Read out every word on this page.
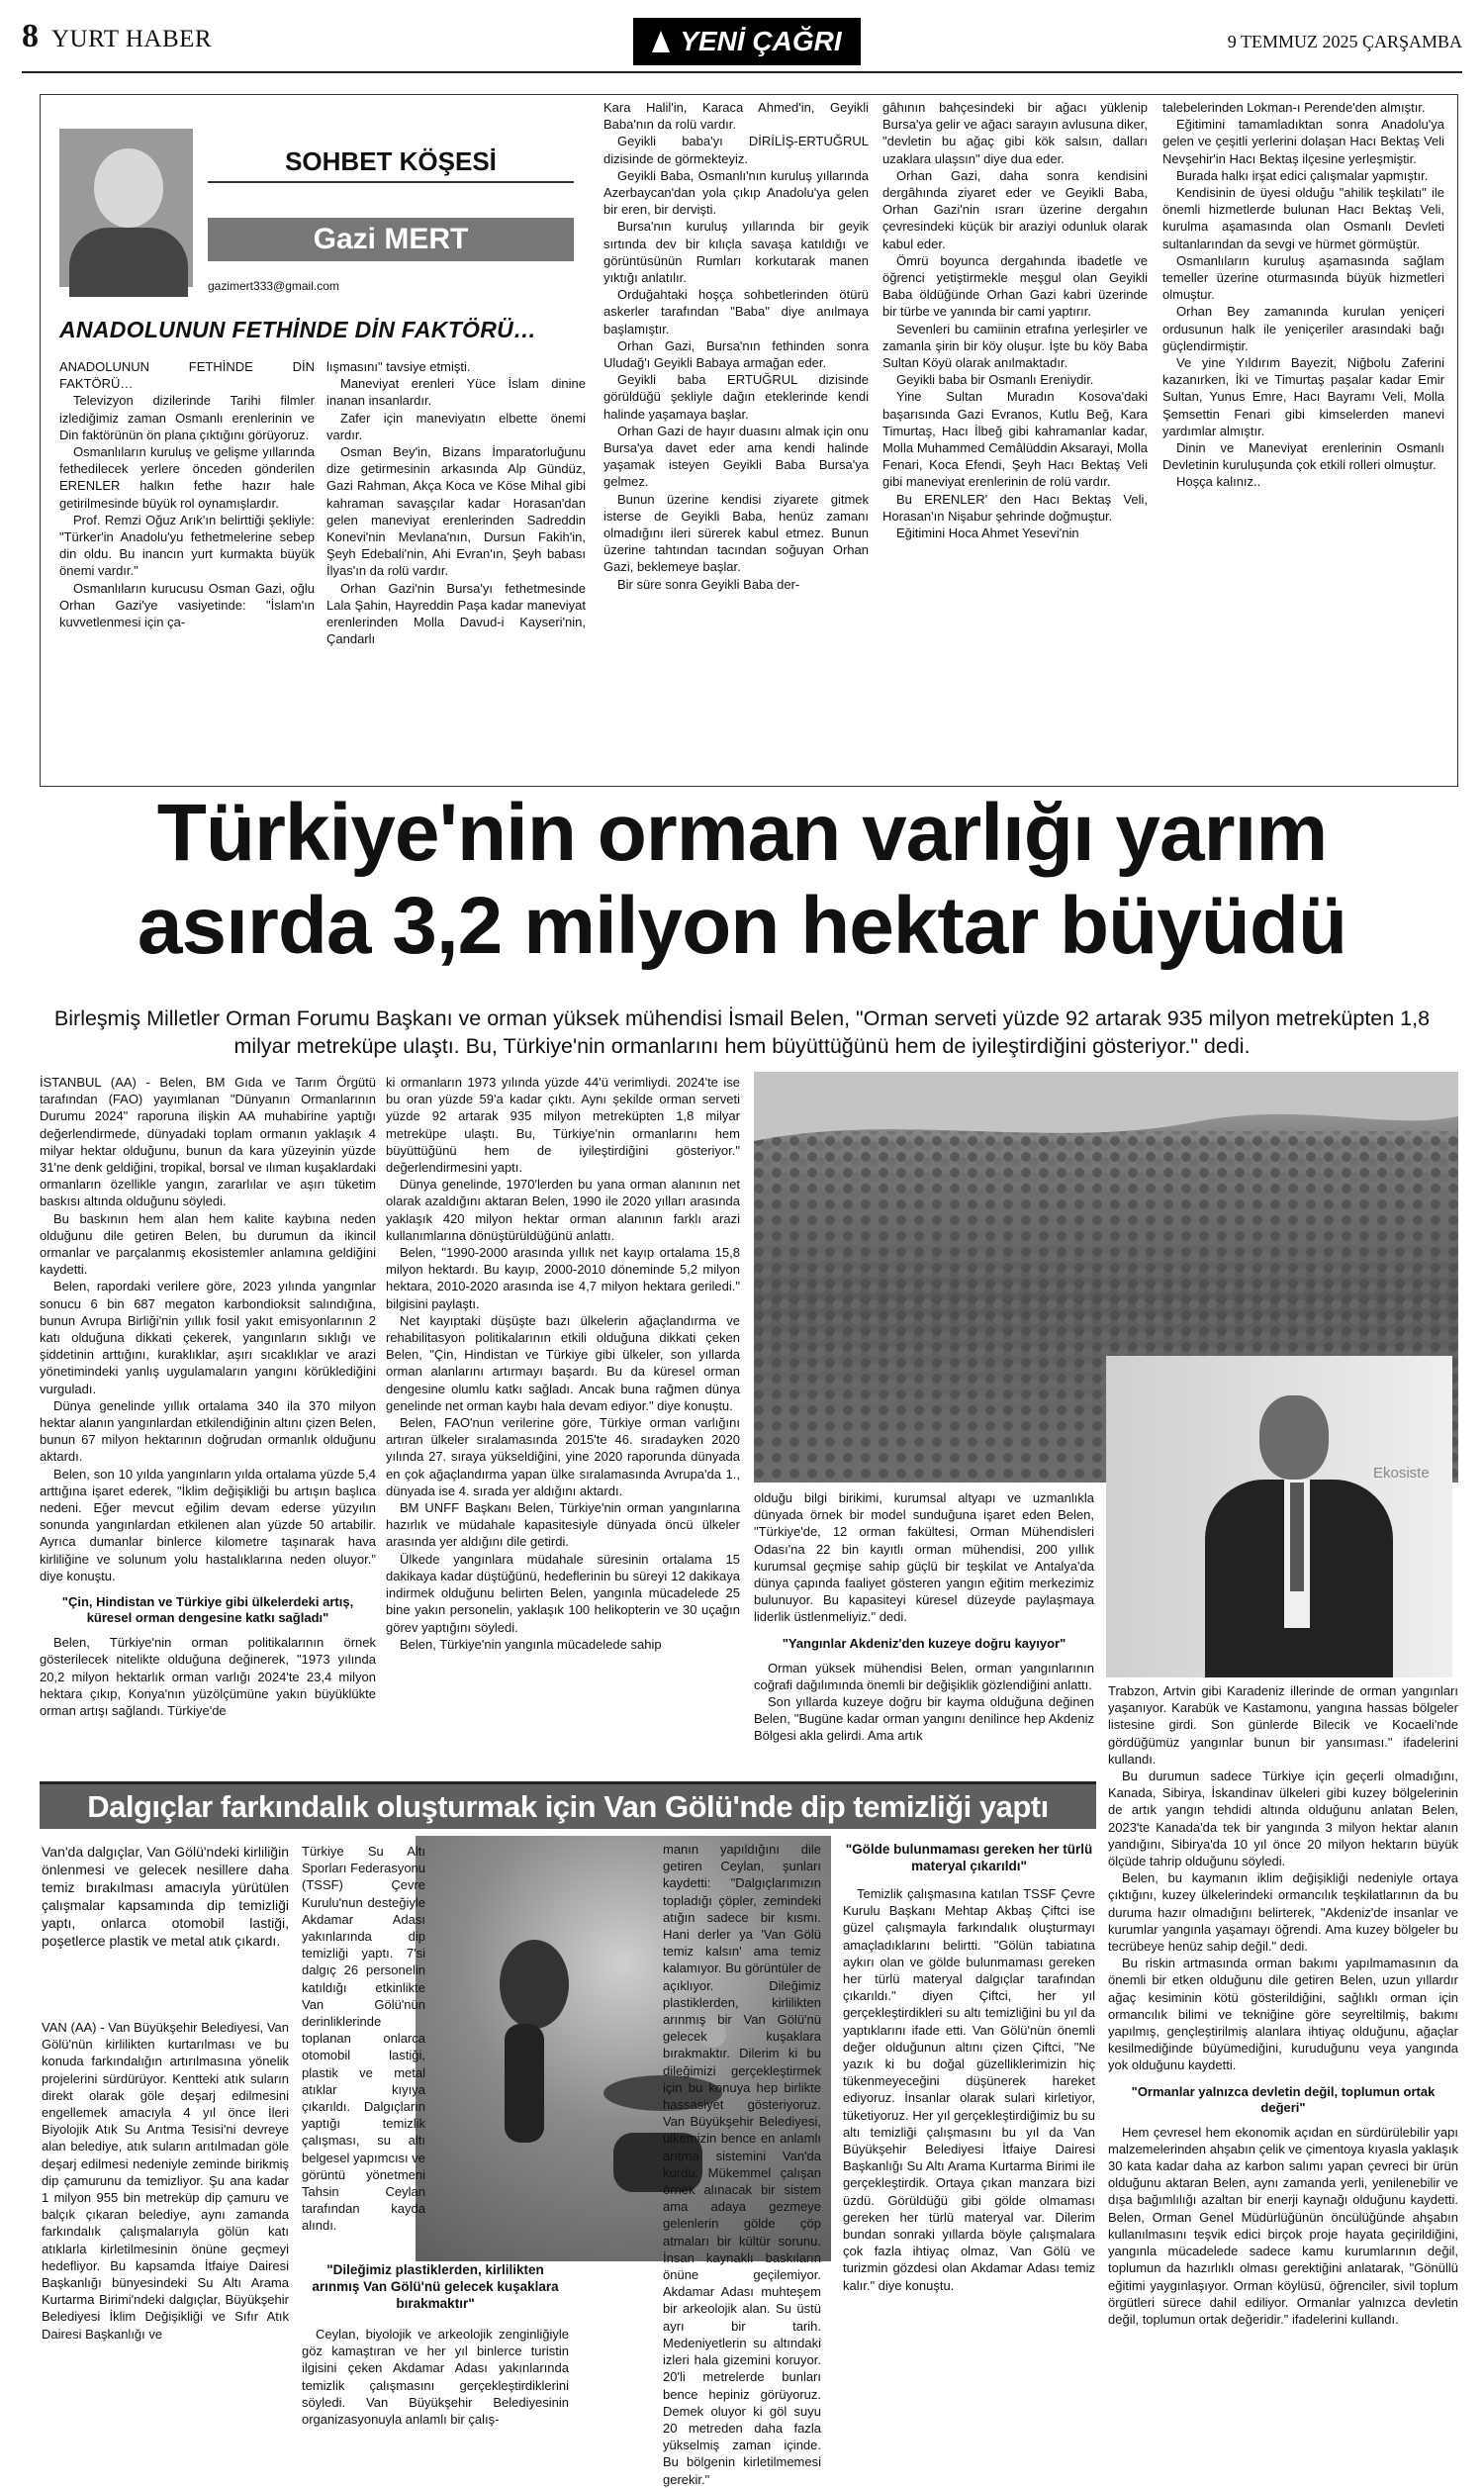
8 YURT HABER	YENİ ÇAĞRI	9 TEMMUZ 2025 ÇARŞAMBA
SOHBET KÖŞESİ
Gazi MERT
gazimert333@gmail.com
ANADOLUNUN FETHİNDE DİN FAKTÖRÜ…

ANADOLUNUN FETHİNDE DİN FAKTÖRÜ…

Televizyon dizilerinde Tarihi filmler izlediğimiz zaman Osmanlı erenlerinin ve Din faktörünün ön plana çıktığını görüyoruz.

Osmanlıların kuruluş ve gelişme yıllarında fethedilecek yerlere önceden gönderilen ERENLER halkın fethe hazır hale getirilmesinde büyük rol oynamışlardır.

Prof. Remzi Oğuz Arık'ın belirttiği şekliyle: "Türker'in Anadolu'yu fethetmelerine sebep din oldu. Bu inancın yurt kurmakta büyük önemi vardır."

Osmanlıların kurucusu Osman Gazi, oğlu Orhan Gazi'ye vasiyetinde: "İslam'ın kuvvetlenmesi için ça-

lışmasını" tavsiye etmişti.

Maneviyat erenleri Yüce İslam dinine inanan insanlardır.

Zafer için maneviyatın elbette önemi vardır.

Osman Bey'in, Bizans İmparatorluğunu dize getirmesinin arkasında Alp Gündüz, Gazi Rahman, Akça Koca ve Köse Mihal gibi kahraman savaşçılar kadar Horasan'dan gelen maneviyat erenlerinden Sadreddin Konevi'nin Mevlana'nın, Dursun Fakih'in, Şeyh Edebali'nin, Ahi Evran'ın, Şeyh babası İlyas'ın da rolü vardır.

Orhan Gazi'nin Bursa'yı fethetmesinde Lala Şahin, Hayreddin Paşa kadar maneviyat erenlerinden Molla Davud-i Kayseri'nin, Çandarlı

Kara Halil'in, Karaca Ahmed'in, Geyikli Baba'nın da rolü vardır.

Geyikli baba'yı DİRİLİŞ-ERTUĞRUL dizisinde de görmekteyiz.

Geyikli Baba, Osmanlı'nın kuruluş yıllarında Azerbaycan'dan yola çıkıp Anadolu'ya gelen bir eren, bir dervişti.

Bursa'nın kuruluş yıllarında bir geyik sırtında dev bir kılıçla savaşa katıldığı ve görüntüsünün Rumları korkutarak manen yıktığı anlatılır.

Orduğahtaki hoşça sohbetlerinden ötürü askerler tarafından "Baba" diye anılmaya başlamıştır.

Orhan Gazi, Bursa'nın fethinden sonra Uludağ'ı Geyikli Babaya armağan eder.

Geyikli baba ERTUĞRUL dizisinde görüldüğü şekliyle dağın eteklerinde kendi halinde yaşamaya başlar.

Orhan Gazi de hayır duasını almak için onu Bursa'ya davet eder ama kendi halinde yaşamak isteyen Geyikli Baba Bursa'ya gelmez.

Bunun üzerine kendisi ziyarete gitmek isterse de Geyikli Baba, henüz zamanı olmadığını ileri sürerek kabul etmez. Bunun üzerine tahtından tacından soğuyan Orhan Gazi, beklemeye başlar.

Bir süre sonra Geyikli Baba der-

gâhının bahçesindeki bir ağacı yüklenip Bursa'ya gelir ve ağacı sarayın avlusuna diker, "devletin bu ağaç gibi kök salsın, dalları uzaklara ulaşsın" diye dua eder.

Orhan Gazi, daha sonra kendisini dergâhında ziyaret eder ve Geyikli Baba, Orhan Gazi'nin ısrarı üzerine dergahın çevresindeki küçük bir araziyi odunluk olarak kabul eder.

Ömrü boyunca dergahında ibadetle ve öğrenci yetiştirmekle meşgul olan Geyikli Baba öldüğünde Orhan Gazi kabri üzerinde bir türbe ve yanında bir cami yaptırır.

Sevenleri bu camiinin etrafına yerleşirler ve zamanla şirin bir köy oluşur. İşte bu köy Baba Sultan Köyü olarak anılmaktadır.

Geyikli baba bir Osmanlı Ereniydir.

Yine Sultan Muradın Kosova'daki başarısında Gazi Evranos, Kutlu Beğ, Kara Timurtaş, Hacı İlbeğ gibi kahramanlar kadar, Molla Muhammed Cemâlüddin Aksarayi, Molla Fenari, Koca Efendi, Şeyh Hacı Bektaş Veli gibi maneviyat erenlerinin de rolü vardır.

Bu ERENLER' den Hacı Bektaş Veli, Horasan'ın Nişabur şehrinde doğmuştur.

Eğitimini Hoca Ahmet Yesevi'nin

talebelerinden Lokman-ı Perende'den almıştır.

Eğitimini tamamladıktan sonra Anadolu'ya gelen ve çeşitli yerlerini dolaşan Hacı Bektaş Veli Nevşehir'in Hacı Bektaş ilçesine yerleşmiştir.

Burada halkı irşat edici çalışmalar yapmıştır.

Kendisinin de üyesi olduğu "ahilik teşkilatı" ile önemli hizmetlerde bulunan Hacı Bektaş Veli, kurulma aşamasında olan Osmanlı Devleti sultanlarından da sevgi ve hürmet görmüştür.

Osmanlıların kuruluş aşamasında sağlam temeller üzerine oturmasında büyük hizmetleri olmuştur.

Orhan Bey zamanında kurulan yeniçeri ordusunun halk ile yeniçeriler arasındaki bağı güçlendirmiştir.

Ve yine Yıldırım Bayezit, Niğbolu Zaferini kazanırken, İki ve Timurtaş paşalar kadar Emir Sultan, Yunus Emre, Hacı Bayramı Veli, Molla Şemsettin Fenari gibi kimselerden manevi yardımlar almıştır.

Dinin ve Maneviyat erenlerinin Osmanlı Devletinin kuruluşunda çok etkili rolleri olmuştur.

Hoşça kalınız..

Türkiye'nin orman varlığı yarım
asırda 3,2 milyon hektar büyüdü
Birleşmiş Milletler Orman Forumu Başkanı ve orman yüksek mühendisi İsmail Belen, "Orman serveti yüzde 92 artarak 935 milyon metreküpten 1,8 milyar metreküpe ulaştı. Bu, Türkiye'nin ormanlarını hem büyüttüğünü hem de iyileştirdiğini gösteriyor." dedi.

İSTANBUL (AA) - Belen, BM Gıda ve Tarım Örgütü tarafından (FAO) yayımlanan "Dünyanın Ormanlarının Durumu 2024" raporuna ilişkin AA muhabirine yaptığı değerlendirmede, dünyadaki toplam ormanın yaklaşık 4 milyar hektar olduğunu, bunun da kara yüzeyinin yüzde 31'ne denk geldiğini, tropikal, borsal ve ılıman kuşaklardaki ormanların özellikle yangın, zararlılar ve aşırı tüketim baskısı altında olduğunu söyledi.

Bu baskının hem alan hem kalite kaybına neden olduğunu dile getiren Belen, bu durumun da ikincil ormanlar ve parçalanmış ekosistemler anlamına geldiğini kaydetti.

Belen, rapordaki verilere göre, 2023 yılında yangınlar sonucu 6 bin 687 megaton karbondioksit salındığına, bunun Avrupa Birliği'nin yıllık fosil yakıt emisyonlarının 2 katı olduğuna dikkati çekerek, yangınların sıklığı ve şiddetinin arttığını, kuraklıklar, aşırı sıcaklıklar ve arazi yönetimindeki yanlış uygulamaların yangını körüklediğini vurguladı.

Dünya genelinde yıllık ortalama 340 ila 370 milyon hektar alanın yangınlardan etkilendiğinin altını çizen Belen, bunun 67 milyon hektarının doğrudan ormanlık olduğunu aktardı.

Belen, son 10 yılda yangınların yılda ortalama yüzde 5,4 arttığına işaret ederek, "İklim değişikliği bu artışın başlıca nedeni. Eğer mevcut eğilim devam ederse yüzyılın sonunda yangınlardan etkilenen alan yüzde 50 artabilir. Ayrıca dumanlar binlerce kilometre taşınarak hava kirliliğine ve solunum yolu hastalıklarına neden oluyor." diye konuştu.

"Çin, Hindistan ve Türkiye gibi ülkelerdeki artış, küresel orman dengesine katkı sağladı"

Belen, Türkiye'nin orman politikalarının örnek gösterilecek nitelikte olduğuna değinerek, "1973 yılında 20,2 milyon hektarlık orman varlığı 2024'te 23,4 milyon hektara çıkıp, Konya'nın yüzölçümüne yakın büyüklükte orman artışı sağlandı. Türkiye'de

ki ormanların 1973 yılında yüzde 44'ü verimliydi. 2024'te ise bu oran yüzde 59'a kadar çıktı. Aynı şekilde orman serveti yüzde 92 artarak 935 milyon metreküpten 1,8 milyar metreküpe ulaştı. Bu, Türkiye'nin ormanlarını hem büyüttüğünü hem de iyileştirdiğini gösteriyor." değerlendirmesini yaptı.

Dünya genelinde, 1970'lerden bu yana orman alanının net olarak azaldığını aktaran Belen, 1990 ile 2020 yılları arasında yaklaşık 420 milyon hektar orman alanının farklı arazi kullanımlarına dönüştürüldüğünü anlattı.

Belen, "1990-2000 arasında yıllık net kayıp ortalama 15,8 milyon hektardı. Bu kayıp, 2000-2010 döneminde 5,2 milyon hektara, 2010-2020 arasında ise 4,7 milyon hektara geriledi." bilgisini paylaştı.

Net kayıptaki düşüşte bazı ülkelerin ağaçlandırma ve rehabilitasyon politikalarının etkili olduğuna dikkati çeken Belen, "Çin, Hindistan ve Türkiye gibi ülkeler, son yıllarda orman alanlarını artırmayı başardı. Bu da küresel orman dengesine olumlu katkı sağladı. Ancak buna rağmen dünya genelinde net orman kaybı hala devam ediyor." diye konuştu.

Belen, FAO'nun verilerine göre, Türkiye orman varlığını artıran ülkeler sıralamasında 2015'te 46. sıradayken 2020 yılında 27. sıraya yükseldiğini, yine 2020 raporunda dünyada en çok ağaçlandırma yapan ülke sıralamasında Avrupa'da 1., dünyada ise 4. sırada yer aldığını aktardı.

BM UNFF Başkanı Belen, Türkiye'nin orman yangınlarına hazırlık ve müdahale kapasitesiyle dünyada öncü ülkeler arasında yer aldığını dile getirdi.

Ülkede yangınlara müdahale süresinin ortalama 15 dakikaya kadar düştüğünü, hedeflerinin bu süreyi 12 dakikaya indirmek olduğunu belirten Belen, yangınla mücadelede 25 bine yakın personelin, yaklaşık 100 helikopterin ve 30 uçağın görev yaptığını söyledi.

Belen, Türkiye'nin yangınla mücadelede sahip

Ekosiste

olduğu bilgi birikimi, kurumsal altyapı ve uzmanlıkla dünyada örnek bir model sunduğuna işaret eden Belen, "Türkiye'de, 12 orman fakültesi, Orman Mühendisleri Odası'na 22 bin kayıtlı orman mühendisi, 200 yıllık kurumsal geçmişe sahip güçlü bir teşkilat ve Antalya'da dünya çapında faaliyet gösteren yangın eğitim merkezimiz bulunuyor. Bu kapasiteyi küresel düzeyde paylaşmaya liderlik üstlenmeliyiz." dedi.

"Yangınlar Akdeniz'den kuzeye doğru kayıyor"

Orman yüksek mühendisi Belen, orman yangınlarının coğrafi dağılımında önemli bir değişiklik gözlendiğini anlattı.

Son yıllarda kuzeye doğru bir kayma olduğuna değinen Belen, "Bugüne kadar orman yangını denilince hep Akdeniz Bölgesi akla gelirdi. Ama artık

Trabzon, Artvin gibi Karadeniz illerinde de orman yangınları yaşanıyor. Karabük ve Kastamonu, yangına hassas bölgeler listesine girdi. Son günlerde Bilecik ve Kocaeli'nde gördüğümüz yangınlar bunun bir yansıması." ifadelerini kullandı.

Bu durumun sadece Türkiye için geçerli olmadığını, Kanada, Sibirya, İskandinav ülkeleri gibi kuzey bölgelerinin de artık yangın tehdidi altında olduğunu anlatan Belen, 2023'te Kanada'da tek bir yangında 3 milyon hektar alanın yandığını, Sibirya'da 10 yıl önce 20 milyon hektarın büyük ölçüde tahrip olduğunu söyledi.

Belen, bu kaymanın iklim değişikliği nedeniyle ortaya çıktığını, kuzey ülkelerindeki ormancılık teşkilatlarının da bu duruma hazır olmadığını belirterek, "Akdeniz'de insanlar ve kurumlar yangınla yaşamayı öğrendi. Ama kuzey bölgeler bu tecrübeye henüz sahip değil." dedi.

Bu riskin artmasında orman bakımı yapılmamasının da önemli bir etken olduğunu dile getiren Belen, uzun yıllardır ağaç kesiminin kötü gösterildiğini, sağlıklı orman için ormancılık bilimi ve tekniğine göre seyreltilmiş, bakımı yapılmış, gençleştirilmiş alanlara ihtiyaç olduğunu, ağaçlar kesilmediğinde büyümediğini, kuruduğunu veya yangında yok olduğunu kaydetti.

"Ormanlar yalnızca devletin değil, toplumun ortak değeri"

Hem çevresel hem ekonomik açıdan en sürdürülebilir yapı malzemelerinden ahşabın çelik ve çimentoya kıyasla yaklaşık 30 kata kadar daha az karbon salımı yapan çevreci bir ürün olduğunu aktaran Belen, aynı zamanda yerli, yenilenebilir ve dışa bağımlılığı azaltan bir enerji kaynağı olduğunu kaydetti. Belen, Orman Genel Müdürlüğünün öncülüğünde ahşabın kullanılmasını teşvik edici birçok proje hayata geçirildiğini, yangınla mücadelede sadece kamu kurumlarının değil, toplumun da hazırlıklı olması gerektiğini anlatarak, "Gönüllü eğitimi yaygınlaşıyor. Orman köylüsü, öğrenciler, sivil toplum örgütleri sürece dahil ediliyor. Ormanlar yalnızca devletin değil, toplumun ortak değeridir." ifadelerini kullandı.

Dalgıçlar farkındalık oluşturmak için Van Gölü'nde dip temizliği yaptı
Van'da dalgıçlar, Van Gölü'ndeki kirliliğin önlenmesi ve gelecek nesillere daha temiz bırakılması amacıyla yürütülen çalışmalar kapsamında dip temizliği yaptı, onlarca otomobil lastiği, poşetlerce plastik ve metal atık çıkardı.

VAN (AA) - Van Büyükşehir Belediyesi, Van Gölü'nün kirlilikten kurtarılması ve bu konuda farkındalığın artırılmasına yönelik projelerini sürdürüyor. Kentteki atık suların direkt olarak göle deşarj edilmesini engellemek amacıyla 4 yıl önce İleri Biyolojik Atık Su Arıtma Tesisi'ni devreye alan belediye, atık suların arıtılmadan göle deşarj edilmesi nedeniyle zeminde birikmiş dip çamurunu da temizliyor. Şu ana kadar 1 milyon 955 bin metreküp dip çamuru ve balçık çıkaran belediye, aynı zamanda farkındalık çalışmalarıyla gölün katı atıklarla kirletilmesinin önüne geçmeyi hedefliyor. Bu kapsamda İtfaiye Dairesi Başkanlığı bünyesindeki Su Altı Arama Kurtarma Birimi'ndeki dalgıçlar, Büyükşehir Belediyesi İklim Değişikliği ve Sıfır Atık Dairesi Başkanlığı ve

Türkiye Su Altı Sporları Federasyonu (TSSF) Çevre Kurulu'nun desteğiyle Akdamar Adası yakınlarında dip temizliği yaptı. 7'si dalgıç 26 personelin katıldığı etkinlikte Van Gölü'nün derinliklerinde toplanan onlarca otomobil lastiği, plastik ve metal atıklar kıyıya çıkarıldı. Dalgıçların yaptığı temizlik çalışması, su altı belgesel yapımcısı ve görüntü yönetmeni Tahsin Ceylan tarafından kayda alındı.

"Dileğimiz plastiklerden, kirlilikten arınmış Van Gölü'nü gelecek kuşaklara bırakmaktır"

Ceylan, biyolojik ve arkeolojik zenginliğiyle göz kamaştıran ve her yıl binlerce turistin ilgisini çeken Akdamar Adası yakınlarında temizlik çalışmasını gerçekleştirdiklerini söyledi. Van Büyükşehir Belediyesinin organizasyonuyla anlamlı bir çalış-

manın yapıldığını dile getiren Ceylan, şunları kaydetti: "Dalgıçlarımızın topladığı çöpler, zemindeki atığın sadece bir kısmı. Hani derler ya 'Van Gölü temiz kalsın' ama temiz kalamıyor. Bu görüntüler de açıklıyor. Dileğimiz plastiklerden, kirlilikten arınmış bir Van Gölü'nü gelecek kuşaklara bırakmaktır. Dilerim ki bu dileğimizi gerçekleştirmek için bu konuya hep birlikte hassasiyet gösteriyoruz. Van Büyükşehir Belediyesi, ülkemizin bence en anlamlı arıtma sistemini Van'da kurdu. Mükemmel çalışan örnek alınacak bir sistem ama adaya gezmeye gelenlerin gölde çöp atmaları bir kültür sorunu. İnsan kaynaklı baskıların önüne geçilemiyor. Akdamar Adası muhteşem bir arkeolojik alan. Su üstü ayrı bir tarih. Medeniyetlerin su altındaki izleri hala gizemini koruyor. 20'li metrelerde bunları bence hepiniz görüyoruz. Demek oluyor ki göl suyu 20 metreden daha fazla yükselmiş zaman içinde. Bu bölgenin kirletilmemesi gerekir."

"Gölde bulunmaması gereken her türlü materyal çıkarıldı"

Temizlik çalışmasına katılan TSSF Çevre Kurulu Başkanı Mehtap Akbaş Çiftci ise güzel çalışmayla farkındalık oluşturmayı amaçladıklarını belirtti. "Gölün tabiatına aykırı olan ve gölde bulunmaması gereken her türlü materyal dalgıçlar tarafından çıkarıldı." diyen Çiftci, her yıl gerçekleştirdikleri su altı temizliğini bu yıl da yaptıklarını ifade etti. Van Gölü'nün önemli değer olduğunun altını çizen Çiftci, "Ne yazık ki bu doğal güzelliklerimizin hiç tükenmeyeceğini düşünerek hareket ediyoruz. İnsanlar olarak sulari kirletiyor, tüketiyoruz. Her yıl gerçekleştirdiğimiz bu su altı temizliği çalışmasını bu yıl da Van Büyükşehir Belediyesi İtfaiye Dairesi Başkanlığı Su Altı Arama Kurtarma Birimi ile gerçekleştirdik. Ortaya çıkan manzara bizi üzdü. Görüldüğü gibi gölde olmaması gereken her türlü materyal var. Dilerim bundan sonraki yıllarda böyle çalışmalara çok fazla ihtiyaç olmaz, Van Gölü ve turizmin gözdesi olan Akdamar Adası temiz kalır." diye konuştu.
